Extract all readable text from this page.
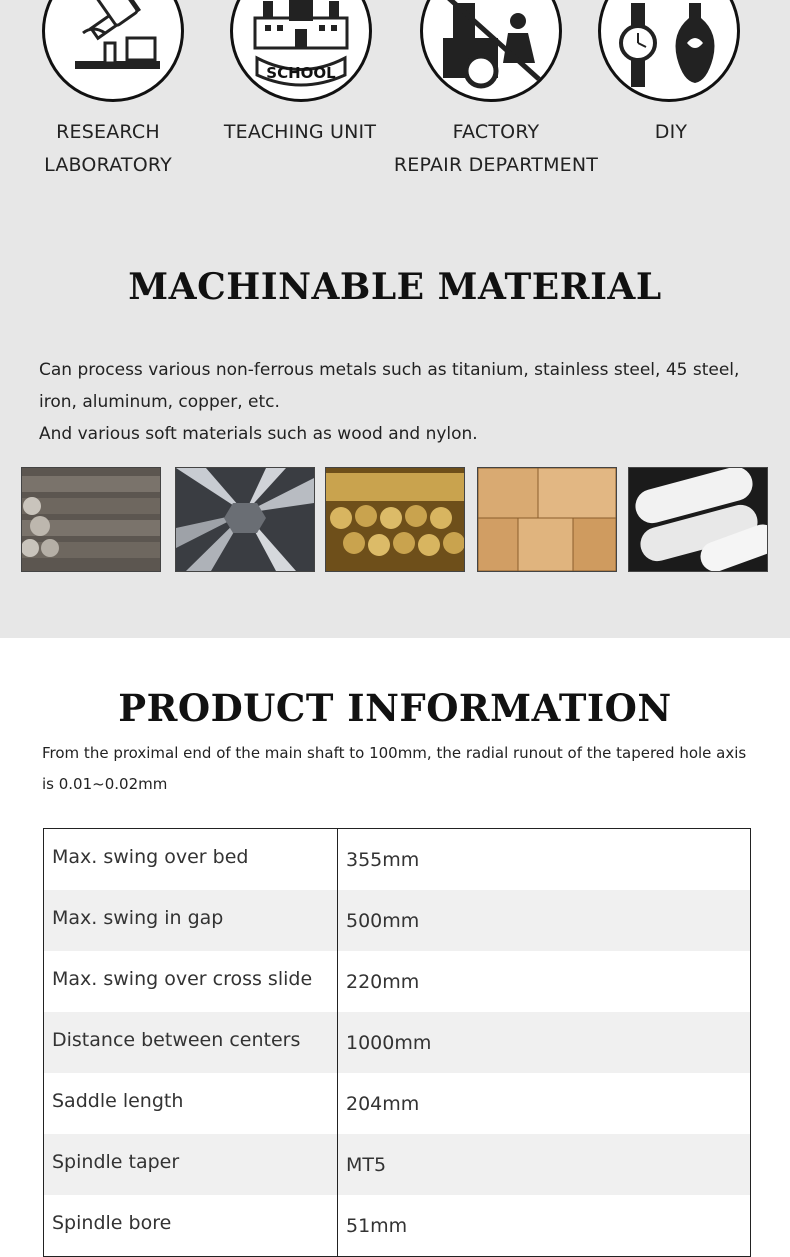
SCHOOL
RESEARCH
LABORATORY
TEACHING UNIT	FACTORY
REPAIR DEPARTMENT
DIY
MACHINABLE MATERIAL
Can process various non-ferrous metals such as titanium, stainless steel, 45 steel,
iron, aluminum, copper, etc.
And various soft materials such as wood and nylon.
PRODUCT INFORMATION

From the proximal end of the main shaft to 100mm, the radial runout of the tapered hole axis is 0.01~0.02mm

Max. swing over bed	355mm
Max. swing in gap	500mm
Max. swing over cross slide	220mm
Distance between centers	1000mm
Saddle length	204mm
Spindle taper	MT5
Spindle bore	51mm
